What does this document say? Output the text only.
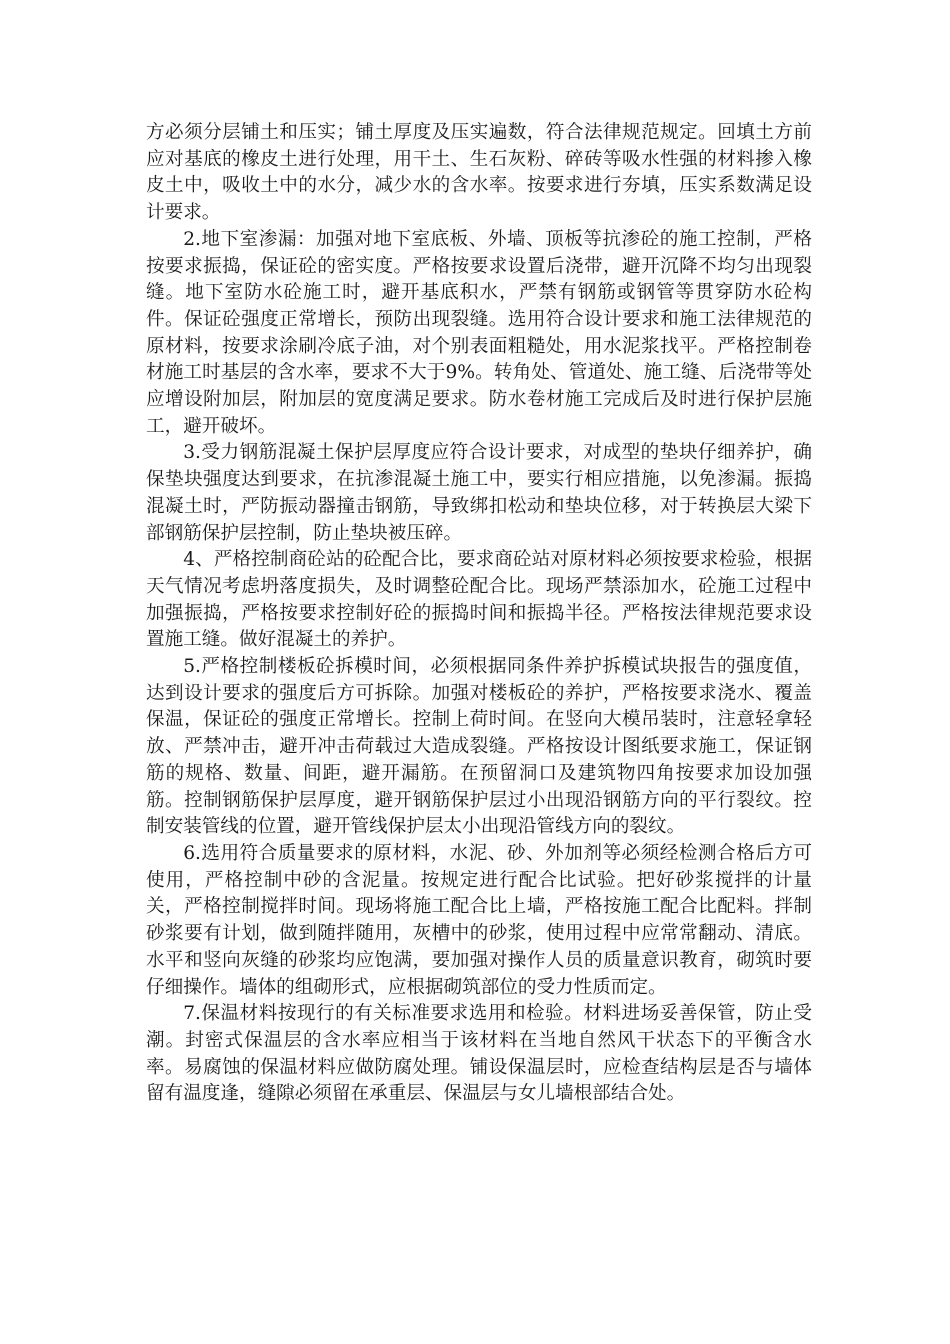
方必须分层铺土和压实；铺土厚度及压实遍数，符合法律规范规定。回填土方前应对基底的橡皮土进行处理，用干土、生石灰粉、碎砖等吸水性强的材料掺入橡皮土中，吸收土中的水分，减少水的含水率。按要求进行夯填，压实系数满足设计要求。

2.地下室渗漏：加强对地下室底板、外墙、顶板等抗渗砼的施工控制，严格按要求振捣，保证砼的密实度。严格按要求设置后浇带，避开沉降不均匀出现裂缝。地下室防水砼施工时，避开基底积水，严禁有钢筋或钢管等贯穿防水砼构件。保证砼强度正常增长，预防出现裂缝。选用符合设计要求和施工法律规范的原材料，按要求涂刷冷底子油，对个别表面粗糙处，用水泥浆找平。严格控制卷材施工时基层的含水率，要求不大于9%。转角处、管道处、施工缝、后浇带等处应增设附加层，附加层的宽度满足要求。防水卷材施工完成后及时进行保护层施工，避开破坏。

3.受力钢筋混凝土保护层厚度应符合设计要求，对成型的垫块仔细养护，确保垫块强度达到要求，在抗渗混凝土施工中，要实行相应措施，以免渗漏。振捣混凝土时，严防振动器撞击钢筋，导致绑扣松动和垫块位移，对于转换层大梁下部钢筋保护层控制，防止垫块被压碎。

4、严格控制商砼站的砼配合比，要求商砼站对原材料必须按要求检验，根据天气情况考虑坍落度损失，及时调整砼配合比。现场严禁添加水，砼施工过程中加强振捣，严格按要求控制好砼的振捣时间和振捣半径。严格按法律规范要求设置施工缝。做好混凝土的养护。

5.严格控制楼板砼拆模时间，必须根据同条件养护拆模试块报告的强度值，达到设计要求的强度后方可拆除。加强对楼板砼的养护，严格按要求浇水、覆盖保温，保证砼的强度正常增长。控制上荷时间。在竖向大模吊装时，注意轻拿轻放、严禁冲击，避开冲击荷载过大造成裂缝。严格按设计图纸要求施工，保证钢筋的规格、数量、间距，避开漏筋。在预留洞口及建筑物四角按要求加设加强筋。控制钢筋保护层厚度，避开钢筋保护层过小出现沿钢筋方向的平行裂纹。控制安装管线的位置，避开管线保护层太小出现沿管线方向的裂纹。

6.选用符合质量要求的原材料，水泥、砂、外加剂等必须经检测合格后方可使用，严格控制中砂的含泥量。按规定进行配合比试验。把好砂浆搅拌的计量关，严格控制搅拌时间。现场将施工配合比上墙，严格按施工配合比配料。拌制砂浆要有计划，做到随拌随用，灰槽中的砂浆，使用过程中应常常翻动、清底。水平和竖向灰缝的砂浆均应饱满，要加强对操作人员的质量意识教育，砌筑时要仔细操作。墙体的组砌形式，应根据砌筑部位的受力性质而定。

7.保温材料按现行的有关标准要求选用和检验。材料进场妥善保管，防止受潮。封密式保温层的含水率应相当于该材料在当地自然风干状态下的平衡含水率。易腐蚀的保温材料应做防腐处理。铺设保温层时，应检查结构层是否与墙体留有温度逢，缝隙必须留在承重层、保温层与女儿墙根部结合处。
